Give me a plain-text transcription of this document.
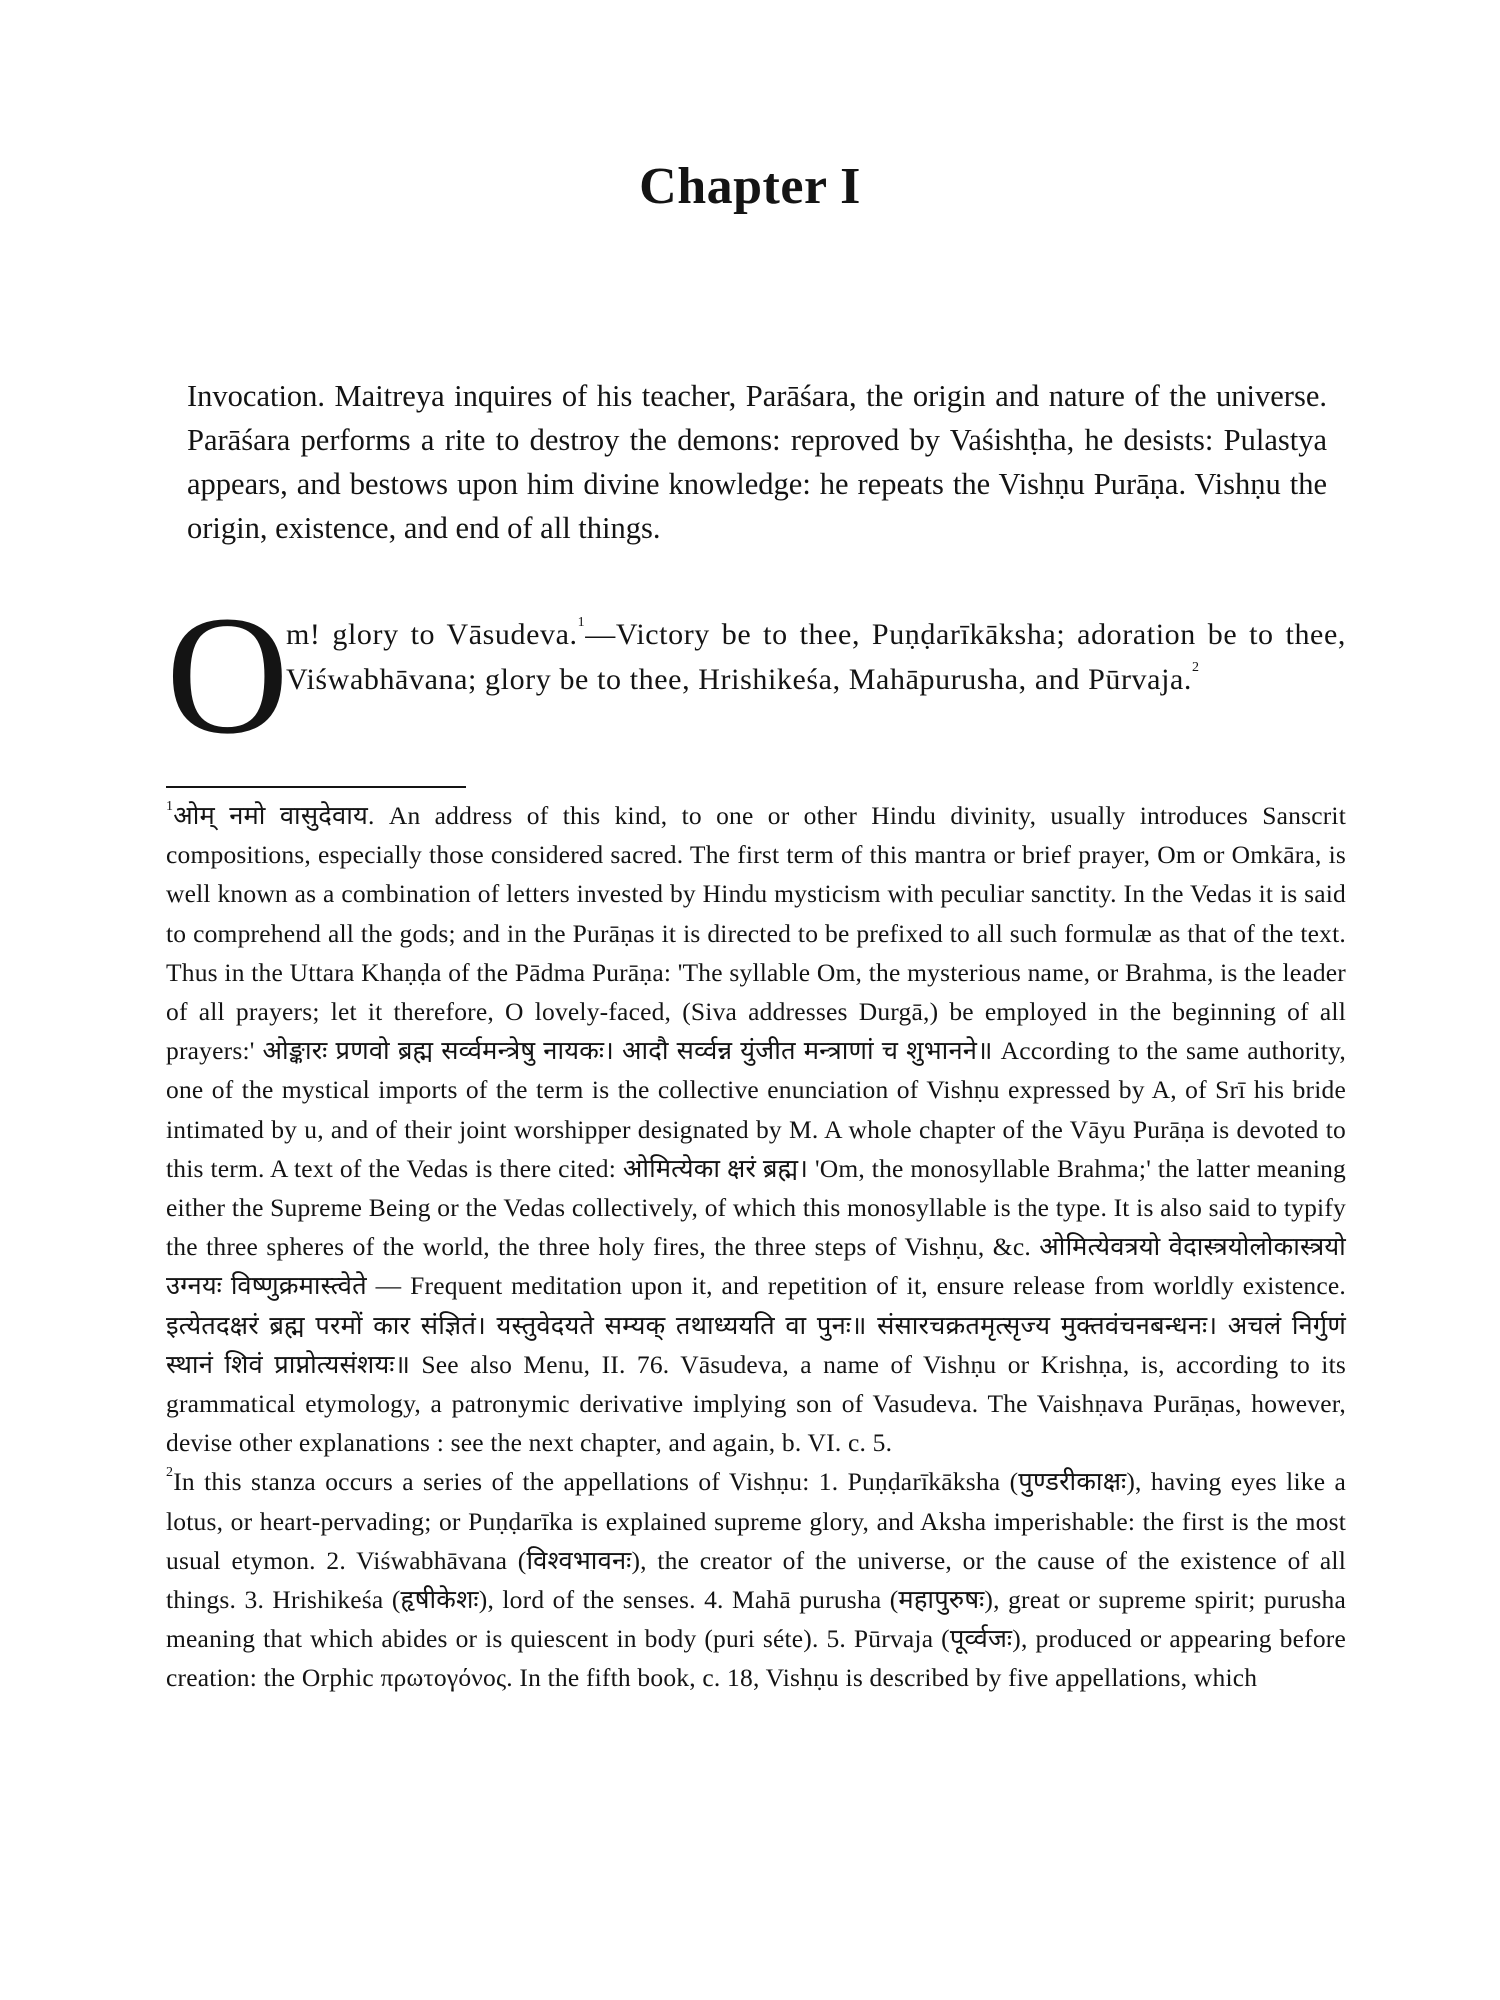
Chapter I

Invocation. Maitreya inquires of his teacher, Parāśara, the origin and nature of the universe. Parāśara performs a rite to destroy the demons: reproved by Vaśishṭha, he desists: Pulastya appears, and bestows upon him divine knowledge: he repeats the Vishṇu Purāṇa. Vishṇu the origin, existence, and end of all things.

O
m! glory to Vāsudeva.$^1$—Victory be to thee, Puṇḍarīkāksha; adoration be to thee, Viśwabhāvana; glory be to thee, Hrishikeśa, Mahāpurusha, and Pūrvaja.$^2$

$^1$ओम् नमो वासुदेवाय. An address of this kind, to one or other Hindu divinity, usually introduces Sanscrit compositions, especially those considered sacred. The first term of this mantra or brief prayer, Om or Omkāra, is well known as a combination of letters invested by Hindu mysticism with peculiar sanctity. In the Vedas it is said to comprehend all the gods; and in the Purāṇas it is directed to be prefixed to all such formulæ as that of the text. Thus in the Uttara Khaṇḍa of the Pādma Purāṇa: 'The syllable Om, the mysterious name, or Brahma, is the leader of all prayers; let it therefore, O lovely-faced, (Siva addresses Durgā,) be employed in the beginning of all prayers:' ओङ्कारः प्रणवो ब्रह्म सर्व्वमन्त्रेषु नायकः। आदौ सर्व्वन्न युंजीत मन्त्राणां च शुभानने॥ According to the same authority, one of the mystical imports of the term is the collective enunciation of Vishṇu expressed by A, of Srī his bride intimated by u, and of their joint worshipper designated by M. A whole chapter of the Vāyu Purāṇa is devoted to this term. A text of the Vedas is there cited: ओमित्येका क्षरं ब्रह्म। 'Om, the monosyllable Brahma;' the latter meaning either the Supreme Being or the Vedas collectively, of which this monosyllable is the type. It is also said to typify the three spheres of the world, the three holy fires, the three steps of Vishṇu, &c. ओमित्येवत्रयो वेदास्त्रयोलोकास्त्रयो उग्नयः विष्णुक्रमास्त्वेते — Frequent meditation upon it, and repetition of it, ensure release from worldly existence. इत्येतदक्षरं ब्रह्म परमों कार संज्ञितं। यस्तुवेदयते सम्यक् तथाध्ययति वा पुनः॥ संसारचक्रतमृत्सृज्य मुक्तवंचनबन्धनः। अचलं निर्गुणं स्थानं शिवं प्राप्नोत्यसंशयः॥ See also Menu, II. 76. Vāsudeva, a name of Vishṇu or Krishṇa, is, according to its grammatical etymology, a patronymic derivative implying son of Vasudeva. The Vaishṇava Purāṇas, however, devise other explanations : see the next chapter, and again, b. VI. c. 5.

$^2$In this stanza occurs a series of the appellations of Vishṇu: 1. Puṇḍarīkāksha (पुण्डरीकाक्षः), having eyes like a lotus, or heart-pervading; or Puṇḍarīka is explained supreme glory, and Aksha imperishable: the first is the most usual etymon. 2. Viśwabhāvana (विश्वभावनः), the creator of the universe, or the cause of the existence of all things. 3. Hrishikeśa (हृषीकेशः), lord of the senses. 4. Mahā purusha (महापुरुषः), great or supreme spirit; purusha meaning that which abides or is quiescent in body (puri séte). 5. Pūrvaja (पूर्व्वजः), produced or appearing before creation: the Orphic πρωτογόνος. In the fifth book, c. 18, Vishṇu is described by five appellations, which
